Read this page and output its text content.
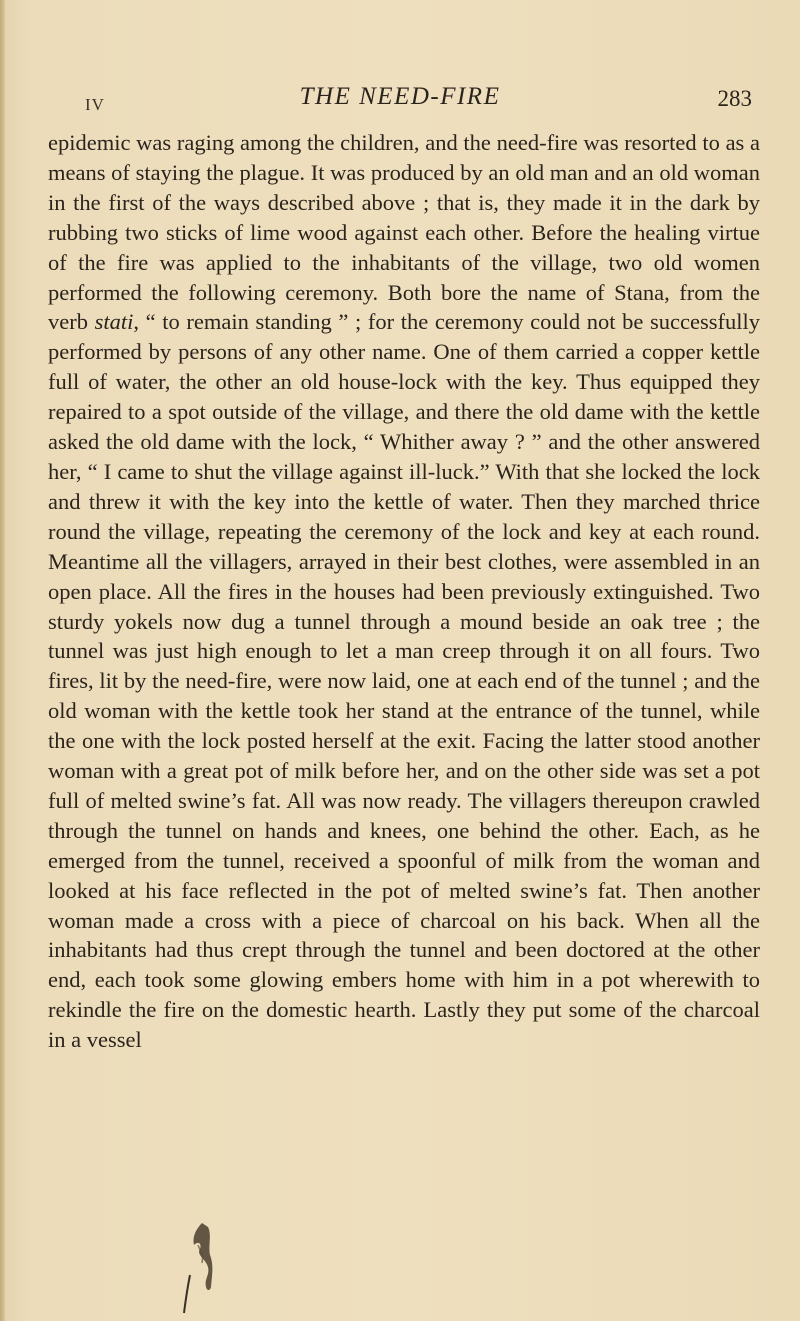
IV	THE NEED-FIRE	283

epidemic was raging among the children, and the need-fire was resorted to as a means of staying the plague. It was produced by an old man and an old woman in the first of the ways described above ; that is, they made it in the dark by rubbing two sticks of lime wood against each other. Before the healing virtue of the fire was applied to the inhabitants of the village, two old women performed the following ceremony. Both bore the name of Stana, from the verb stati, “ to remain standing ” ; for the ceremony could not be successfully performed by persons of any other name. One of them carried a copper kettle full of water, the other an old house-lock with the key. Thus equipped they repaired to a spot outside of the village, and there the old dame with the kettle asked the old dame with the lock, “ Whither away ? ” and the other answered her, “ I came to shut the village against ill-luck.” With that she locked the lock and threw it with the key into the kettle of water. Then they marched thrice round the village, repeating the ceremony of the lock and key at each round. Meantime all the villagers, arrayed in their best clothes, were assembled in an open place. All the fires in the houses had been previously extinguished. Two sturdy yokels now dug a tunnel through a mound beside an oak tree ; the tunnel was just high enough to let a man creep through it on all fours. Two fires, lit by the need-fire, were now laid, one at each end of the tunnel ; and the old woman with the kettle took her stand at the entrance of the tunnel, while the one with the lock posted herself at the exit. Facing the latter stood another woman with a great pot of milk before her, and on the other side was set a pot full of melted swine’s fat. All was now ready. The villagers thereupon crawled through the tunnel on hands and knees, one behind the other. Each, as he emerged from the tunnel, received a spoonful of milk from the woman and looked at his face reflected in the pot of melted swine’s fat. Then another woman made a cross with a piece of charcoal on his back. When all the inhabitants had thus crept through the tunnel and been doctored at the other end, each took some glowing embers home with him in a pot wherewith to rekindle the fire on the domestic hearth. Lastly they put some of the charcoal in a vessel
